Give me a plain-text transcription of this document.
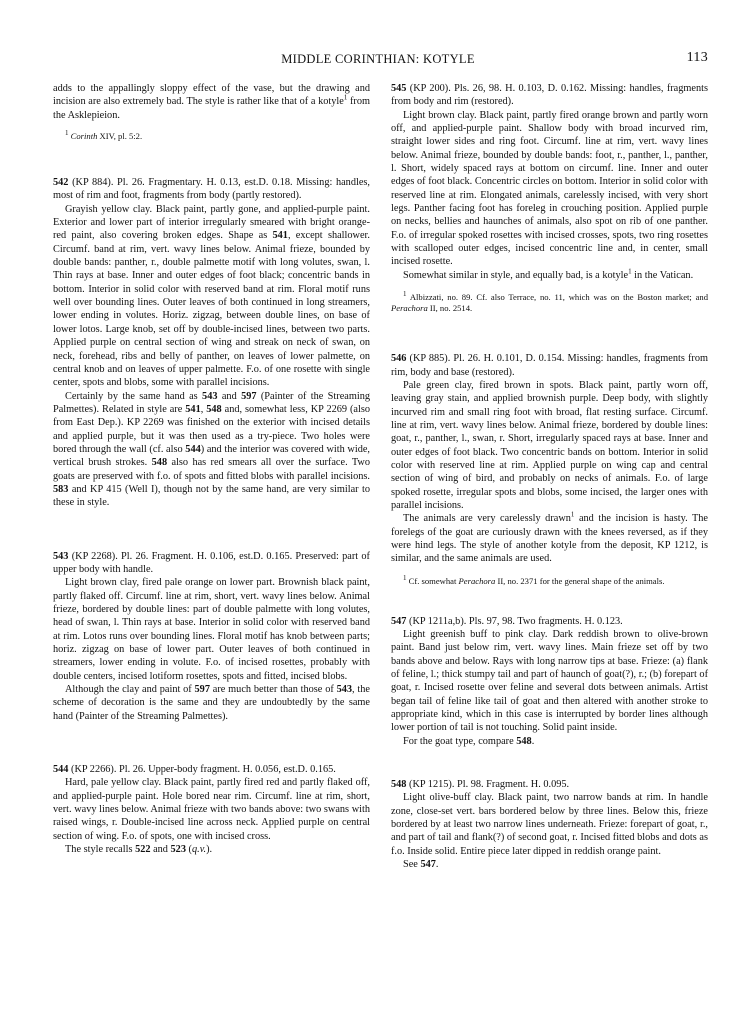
MIDDLE CORINTHIAN: KOTYLE	113

adds to the appallingly sloppy effect of the vase, but the drawing and incision are also extremely bad. The style is rather like that of a kotyle$^1$ from the Asklepieion.

$^1$ Corinth XIV, pl. 5:2.

542 (KP 884). Pl. 26. Fragmentary. H. 0.13, est.D. 0.18. Missing: handles, most of rim and foot, fragments from body (partly restored).

Grayish yellow clay. Black paint, partly gone, and applied-purple paint. Exterior and lower part of interior irregularly smeared with bright orange-red paint, also covering broken edges. Shape as 541, except shallower. Circumf. band at rim, vert. wavy lines below. Animal frieze, bounded by double bands: panther, r., double palmette motif with long volutes, swan, l. Thin rays at base. Inner and outer edges of foot black; concentric bands in bottom. Interior in solid color with reserved band at rim. Floral motif runs well over bounding lines. Outer leaves of both continued in long streamers, lower ending in volutes. Horiz. zigzag, between double lines, on base of lower lotos. Large knob, set off by double-incised lines, between two parts. Applied purple on central section of wing and streak on neck of swan, on neck, forehead, ribs and belly of panther, on leaves of lower palmette, on central knob and on leaves of upper palmette. F.o. of one rosette with single center, spots and blobs, some with parallel incisions.

Certainly by the same hand as 543 and 597 (Painter of the Streaming Palmettes). Related in style are 541, 548 and, somewhat less, KP 2269 (also from East Dep.). KP 2269 was finished on the exterior with incised details and applied purple, but it was then used as a try-piece. Two holes were bored through the wall (cf. also 544) and the interior was covered with wide, vertical brush strokes. 548 also has red smears all over the surface. Two goats are preserved with f.o. of spots and fitted blobs with parallel incisions. 583 and KP 415 (Well I), though not by the same hand, are very similar to these in style.

543 (KP 2268). Pl. 26. Fragment. H. 0.106, est.D. 0.165. Preserved: part of upper body with handle.

Light brown clay, fired pale orange on lower part. Brownish black paint, partly flaked off. Circumf. line at rim, short, vert. wavy lines below. Animal frieze, bordered by double lines: part of double palmette with long volutes, head of swan, l. Thin rays at base. Interior in solid color with reserved band at rim. Lotos runs over bounding lines. Floral motif has knob between parts; horiz. zigzag on base of lower part. Outer leaves of both continued in streamers, lower ending in volute. F.o. of incised rosettes, probably with double centers, incised lotiform rosettes, spots and fitted, incised blobs.

Although the clay and paint of 597 are much better than those of 543, the scheme of decoration is the same and they are undoubtedly by the same hand (Painter of the Streaming Palmettes).

544 (KP 2266). Pl. 26. Upper-body fragment. H. 0.056, est.D. 0.165.

Hard, pale yellow clay. Black paint, partly fired red and partly flaked off, and applied-purple paint. Hole bored near rim. Circumf. line at rim, short, vert. wavy lines below. Animal frieze with two bands above: two swans with raised wings, r. Double-incised line across neck. Applied purple on central section of wing. F.o. of spots, one with incised cross.

The style recalls 522 and 523 (q.v.).

545 (KP 200). Pls. 26, 98. H. 0.103, D. 0.162. Missing: handles, fragments from body and rim (restored).

Light brown clay. Black paint, partly fired orange brown and partly worn off, and applied-purple paint. Shallow body with broad incurved rim, straight lower sides and ring foot. Circumf. line at rim, vert. wavy lines below. Animal frieze, bounded by double bands: foot, r., panther, l., panther, l. Short, widely spaced rays at bottom on circumf. line. Inner and outer edges of foot black. Concentric circles on bottom. Interior in solid color with reserved line at rim. Elongated animals, carelessly incised, with very short legs. Panther facing foot has foreleg in crouching position. Applied purple on necks, bellies and haunches of animals, also spot on rib of one panther. F.o. of irregular spoked rosettes with incised crosses, spots, two ring rosettes with scalloped outer edges, incised concentric line and, in center, small incised rosette.

Somewhat similar in style, and equally bad, is a kotyle$^1$ in the Vatican.

$^1$ Albizzati, no. 89. Cf. also Terrace, no. 11, which was on the Boston market; and Perachora II, no. 2514.

546 (KP 885). Pl. 26. H. 0.101, D. 0.154. Missing: handles, fragments from rim, body and base (restored).

Pale green clay, fired brown in spots. Black paint, partly worn off, leaving gray stain, and applied brownish purple. Deep body, with slightly incurved rim and small ring foot with broad, flat resting surface. Circumf. line at rim, vert. wavy lines below. Animal frieze, bordered by double lines: goat, r., panther, l., swan, r. Short, irregularly spaced rays at base. Inner and outer edges of foot black. Two concentric bands on bottom. Interior in solid color with reserved line at rim. Applied purple on wing cap and central section of wing of bird, and probably on necks of animals. F.o. of large spoked rosette, irregular spots and blobs, some incised, the larger ones with parallel incisions.

The animals are very carelessly drawn$^1$ and the incision is hasty. The forelegs of the goat are curiously drawn with the knees reversed, as if they were hind legs. The style of another kotyle from the deposit, KP 1212, is similar, and the same animals are used.

$^1$ Cf. somewhat Perachora II, no. 2371 for the general shape of the animals.

547 (KP 1211a,b). Pls. 97, 98. Two fragments. H. 0.123.

Light greenish buff to pink clay. Dark reddish brown to olive-brown paint. Band just below rim, vert. wavy lines. Main frieze set off by two bands above and below. Rays with long narrow tips at base. Frieze: (a) flank of feline, l.; thick stumpy tail and part of haunch of goat(?), r.; (b) forepart of goat, r. Incised rosette over feline and several dots between animals. Artist began tail of feline like tail of goat and then altered with another stroke to appropriate kind, which in this case is interrupted by border lines although lower portion of tail is not touching. Solid paint inside.

For the goat type, compare 548.

548 (KP 1215). Pl. 98. Fragment. H. 0.095.

Light olive-buff clay. Black paint, two narrow bands at rim. In handle zone, close-set vert. bars bordered below by three lines. Below this, frieze bordered by at least two narrow lines underneath. Frieze: forepart of goat, r., and part of tail and flank(?) of second goat, r. Incised fitted blobs and dots as f.o. Inside solid. Entire piece later dipped in reddish orange paint.

See 547.
